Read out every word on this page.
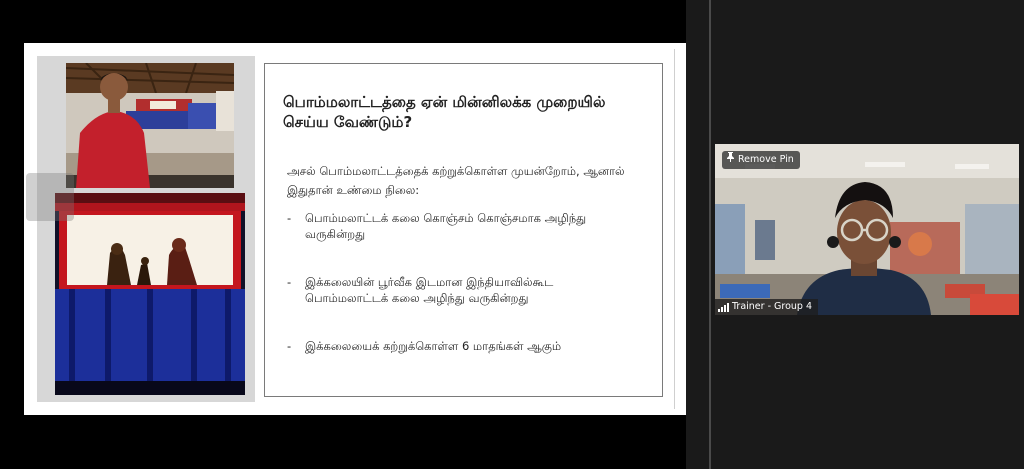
பொம்மலாட்டத்தை ஏன் மின்னிலக்க முறையில் செய்ய வேண்டும்?
அசல் பொம்மலாட்டத்தைக் கற்றுக்கொள்ள முயன்றோம், ஆனால் இதுதான் உண்மை நிலை:
- பொம்மலாட்டக் கலை கொஞ்சம் கொஞ்சமாக அழிந்து வருகின்றது
- இக்கலையின் பூர்வீக இடமான இந்தியாவில்கூட பொம்மலாட்டக் கலை அழிந்து வருகின்றது
- இக்கலையைக் கற்றுக்கொள்ள 6 மாதங்கள் ஆகும்
Remove Pin
Trainer - Group 4
